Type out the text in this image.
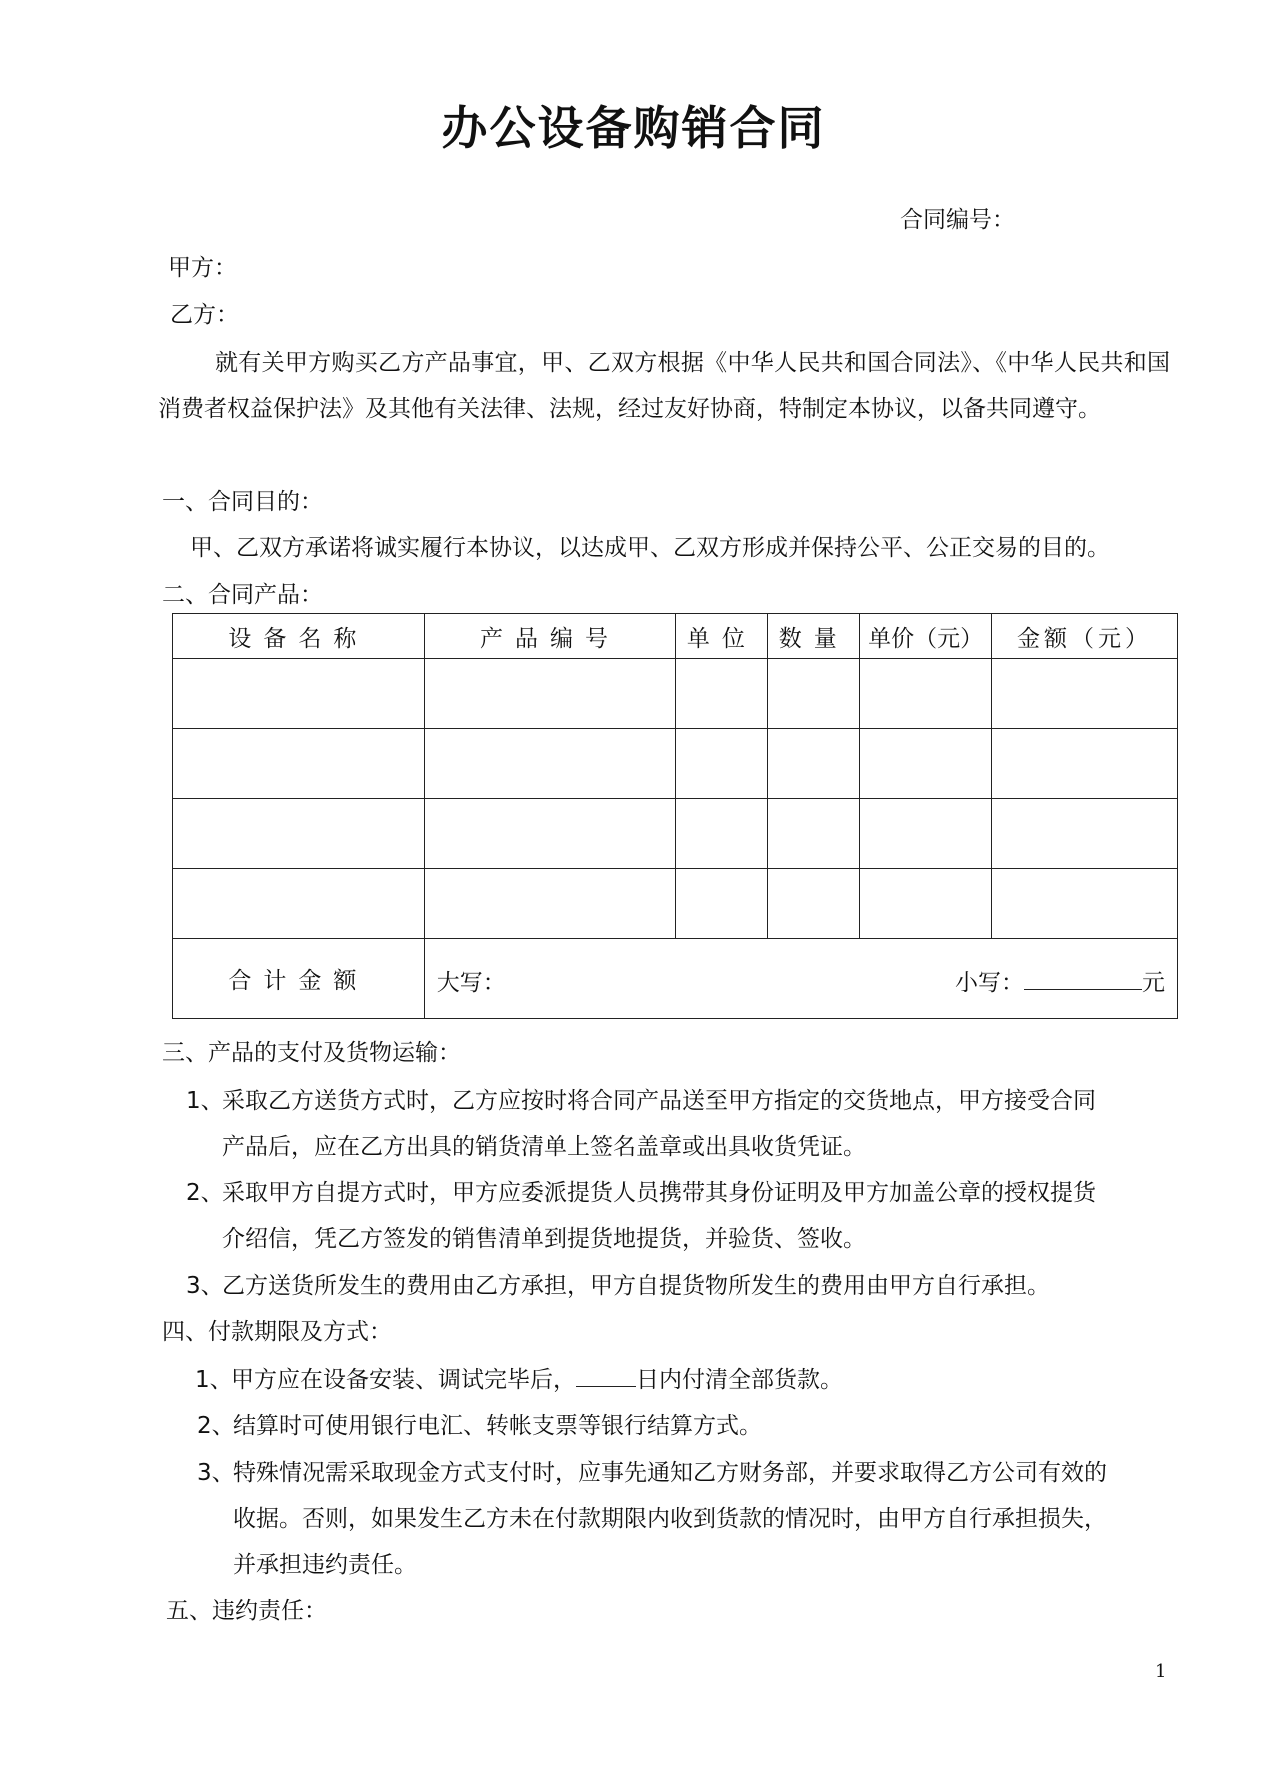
办公设备购销合同
合同编号：
甲方：
乙方：
就有关甲方购买乙方产品事宜，甲、乙双方根据《中华人民共和国合同法》、《中华人民共和国消费者权益保护法》及其他有关法律、法规，经过友好协商，特制定本协议，以备共同遵守。
一、合同目的：
甲、乙双方承诺将诚实履行本协议，以达成甲、乙双方形成并保持公平、公正交易的目的。
二、合同产品：
设备名称	产品编号	单位	数量	单价（元）	金额（元）

合计金额	大写： 小写： 元				
三、产品的支付及货物运输：
1、采取乙方送货方式时，乙方应按时将合同产品送至甲方指定的交货地点，甲方接受合同
产品后，应在乙方出具的销货清单上签名盖章或出具收货凭证。
2、采取甲方自提方式时，甲方应委派提货人员携带其身份证明及甲方加盖公章的授权提货
介绍信，凭乙方签发的销售清单到提货地提货，并验货、签收。
3、乙方送货所发生的费用由乙方承担，甲方自提货物所发生的费用由甲方自行承担。
四、付款期限及方式：
1、甲方应在设备安装、调试完毕后，	日内付清全部货款。
2、结算时可使用银行电汇、转帐支票等银行结算方式。
3、特殊情况需采取现金方式支付时，应事先通知乙方财务部，并要求取得乙方公司有效的
收据。否则，如果发生乙方未在付款期限内收到货款的情况时，由甲方自行承担损失，
并承担违约责任。
五、违约责任：
1
